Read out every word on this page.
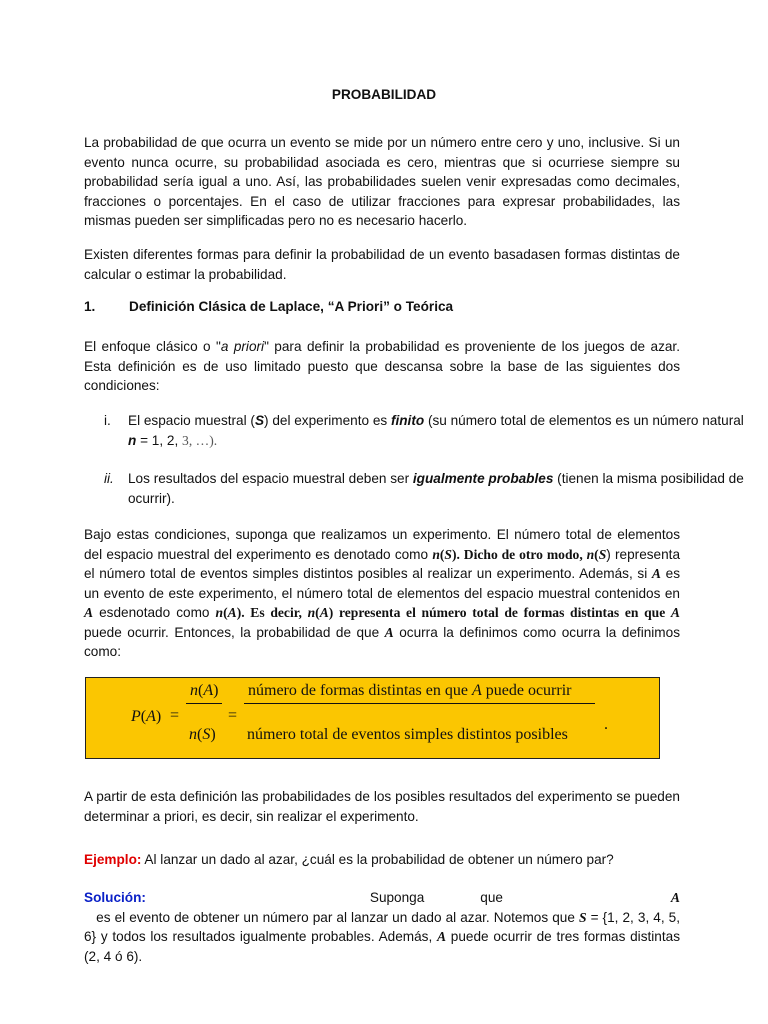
PROBABILIDAD

La probabilidad de que ocurra un evento se mide por un número entre cero y uno, inclusive. Si un evento nunca ocurre, su probabilidad asociada es cero, mientras que si ocurriese siempre su probabilidad sería igual a uno. Así, las probabilidades suelen venir expresadas como decimales, fracciones o porcentajes. En el caso de utilizar fracciones para expresar probabilidades, las mismas pueden ser simplificadas pero no es necesario hacerlo.

Existen diferentes formas para definir la probabilidad de un evento basadasen formas distintas de calcular o estimar la probabilidad.

1. Definición Clásica de Laplace, “A Priori” o Teórica

El enfoque clásico o "a priori" para definir la probabilidad es proveniente de los juegos de azar. Esta definición es de uso limitado puesto que descansa sobre la base de las siguientes dos condiciones:

i. El espacio muestral (S) del experimento es finito (su número total de elementos es un número natural n = 1, 2, 3, …).
ii. Los resultados del espacio muestral deben ser igualmente probables (tienen la misma posibilidad de ocurrir).

Bajo estas condiciones, suponga que realizamos un experimento. El número total de elementos del espacio muestral del experimento es denotado como n(S). Dicho de otro modo, n(S) representa el número total de eventos simples distintos posibles al realizar un experimento. Además, si A es un evento de este experimento, el número total de elementos del espacio muestral contenidos en A esdenotado como n(A). Es decir, n(A) representa el número total de formas distintas en que A puede ocurrir. Entonces, la probabilidad de que A ocurra la definimos como ocurra la definimos como:

P(A) =
n(A)
n(S)
=
número de formas distintas en que A puede ocurrir
número total de eventos simples distintos posibles
.

A partir de esta definición las probabilidades de los posibles resultados del experimento se pueden determinar a priori, es decir, sin realizar el experimento.

Ejemplo: Al lanzar un dado al azar, ¿cuál es la probabilidad de obtener un número par?

Solución:    Suponga que   A   es el evento de obtener un número par al lanzar un dado al azar. Notemos que S = {1, 2, 3, 4, 5, 6} y todos los resultados igualmente probables. Además, A puede ocurrir de tres formas distintas (2, 4 ó 6).
